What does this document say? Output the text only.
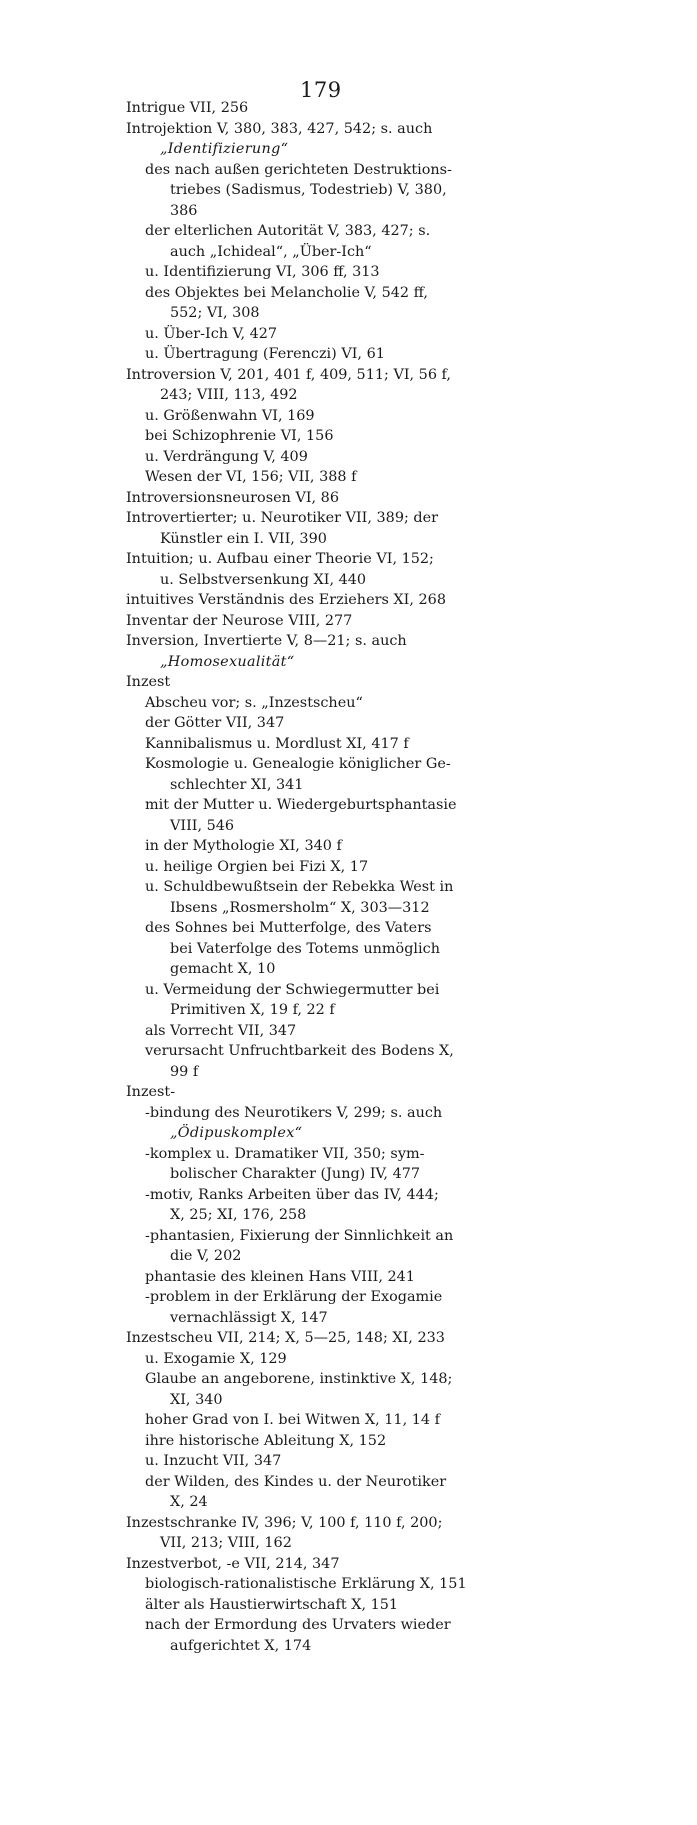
179
Intrigue VII, 256
Introjektion V, 380, 383, 427, 542; s. auch
„Identifizierung“
des nach außen gerichteten Destruktions-
triebes (Sadismus, Todestrieb) V, 380,
386
der elterlichen Autorität V, 383, 427; s.
auch „Ichideal“, „Über-Ich“
u. Identifizierung VI, 306 ff, 313
des Objektes bei Melancholie V, 542 ff,
552; VI, 308
u. Über-Ich V, 427
u. Übertragung (Ferenczi) VI, 61
Introversion V, 201, 401 f, 409, 511; VI, 56 f,
243; VIII, 113, 492
u. Größenwahn VI, 169
bei Schizophrenie VI, 156
u. Verdrängung V, 409
Wesen der VI, 156; VII, 388 f
Introversionsneurosen VI, 86
Introvertierter; u. Neurotiker VII, 389; der
Künstler ein I. VII, 390
Intuition; u. Aufbau einer Theorie VI, 152;
u. Selbstversenkung XI, 440
intuitives Verständnis des Erziehers XI, 268
Inventar der Neurose VIII, 277
Inversion, Invertierte V, 8—21; s. auch
„Homosexualität“
Inzest
Abscheu vor; s. „Inzestscheu“
der Götter VII, 347
Kannibalismus u. Mordlust XI, 417 f
Kosmologie u. Genealogie königlicher Ge-
schlechter XI, 341
mit der Mutter u. Wiedergeburtsphantasie
VIII, 546
in der Mythologie XI, 340 f
u. heilige Orgien bei Fizi X, 17
u. Schuldbewußtsein der Rebekka West in
Ibsens „Rosmersholm“ X, 303—312
des Sohnes bei Mutterfolge, des Vaters
bei Vaterfolge des Totems unmöglich
gemacht X, 10
u. Vermeidung der Schwiegermutter bei
Primitiven X, 19 f, 22 f
als Vorrecht VII, 347
verursacht Unfruchtbarkeit des Bodens X,
99 f
Inzest-
-bindung des Neurotikers V, 299; s. auch
„Ödipuskomplex“
-komplex u. Dramatiker VII, 350; sym-
bolischer Charakter (Jung) IV, 477
-motiv, Ranks Arbeiten über das IV, 444;
X, 25; XI, 176, 258
-phantasien, Fixierung der Sinnlichkeit an
die V, 202
phantasie des kleinen Hans VIII, 241
-problem in der Erklärung der Exogamie
vernachlässigt X, 147
Inzestscheu VII, 214; X, 5—25, 148; XI, 233
u. Exogamie X, 129
Glaube an angeborene, instinktive X, 148;
XI, 340
hoher Grad von I. bei Witwen X, 11, 14 f
ihre historische Ableitung X, 152
u. Inzucht VII, 347
der Wilden, des Kindes u. der Neurotiker
X, 24
Inzestschranke IV, 396; V, 100 f, 110 f, 200;
VII, 213; VIII, 162
Inzestverbot, -e VII, 214, 347
biologisch-rationalistische Erklärung X, 151
älter als Haustierwirtschaft X, 151
nach der Ermordung des Urvaters wieder
aufgerichtet X, 174
